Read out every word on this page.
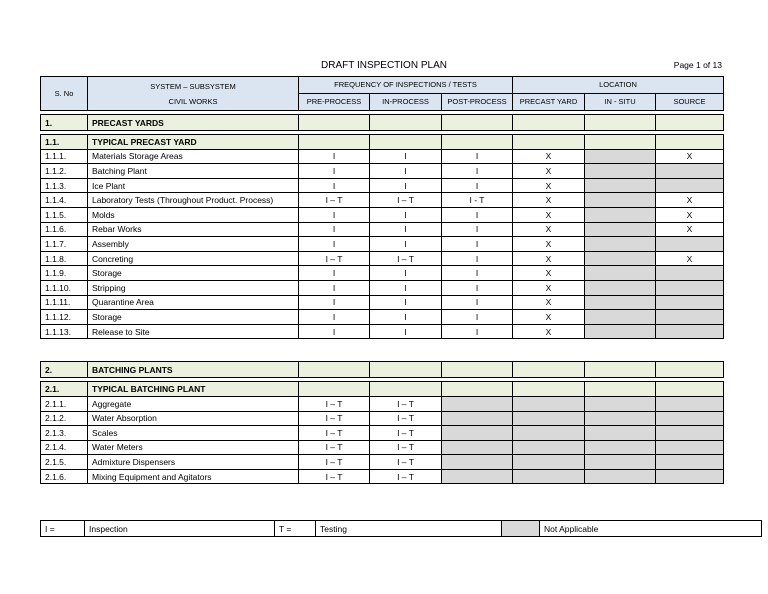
DRAFT INSPECTION PLAN	Page 1 of 13
S. No	SYSTEM – SUBSYSTEM
CIVIL WORKS	FREQUENCY OF INSPECTIONS / TESTS			LOCATION		
		PRE-PROCESS	IN-PROCESS	POST-PROCESS	PRECAST YARD	IN - SITU	SOURCE

1.	PRECAST YARDS						

1.1.	TYPICAL PRECAST YARD						
1.1.1.	Materials Storage Areas	I	I	I	X		X
1.1.2.	Batching Plant	I	I	I	X		
1.1.3.	Ice Plant	I	I	I	X		
1.1.4.	Laboratory Tests (Throughout Product. Process)	I – T	I – T	I - T	X		X
1.1.5.	Molds	I	I	I	X		X
1.1.6.	Rebar Works	I	I	I	X		X
1.1.7.	Assembly	I	I	I	X		
1.1.8.	Concreting	I – T	I – T	I	X		X
1.1.9.	Storage	I	I	I	X		
1.1.10.	Stripping	I	I	I	X		
1.1.11.	Quarantine Area	I	I	I	X		
1.1.12.	Storage	I	I	I	X		
1.1.13.	Release to Site	I	I	I	X		

2.	BATCHING PLANTS						

2.1.	TYPICAL BATCHING PLANT						
2.1.1.	Aggregate	I – T	I – T				
2.1.2.	Water Absorption	I – T	I – T				
2.1.3.	Scales	I – T	I – T				
2.1.4.	Water Meters	I – T	I – T				
2.1.5.	Admixture Dispensers	I – T	I – T				
2.1.6.	Mixing Equipment and Agitators	I – T	I – T				
I =	Inspection	T =	Testing		Not Applicable
